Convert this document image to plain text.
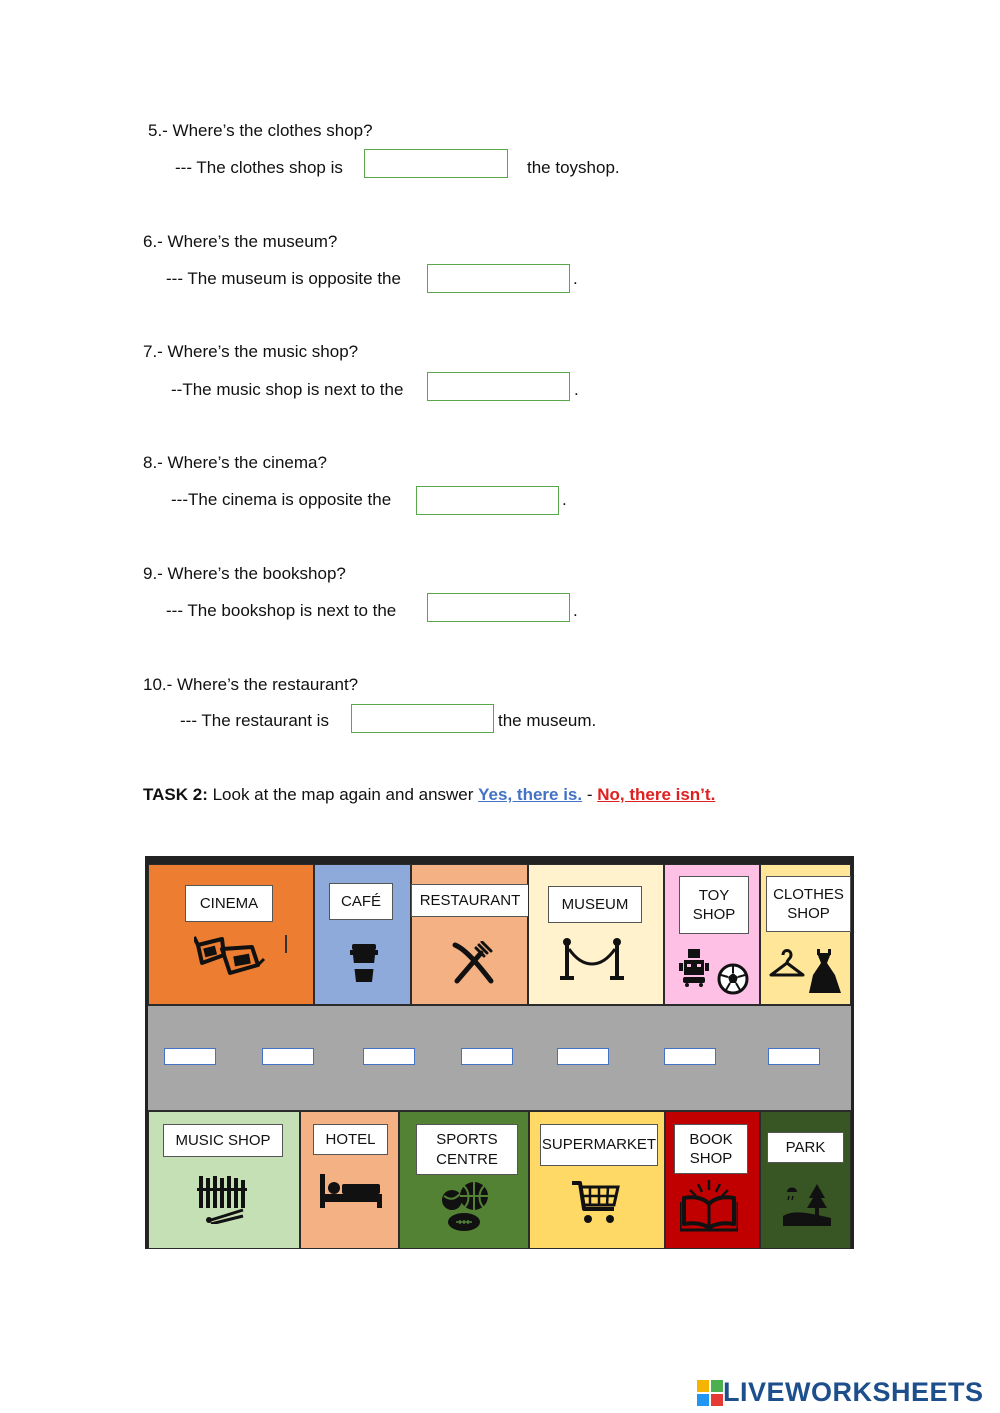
5.- Where’s the clothes shop?
--- The clothes shop is	the toyshop.
6.- Where’s the museum?
--- The museum is opposite the	.
7.- Where’s the music shop?
--The music shop is next to the	.
8.- Where’s the cinema?
---The cinema is opposite the	.
9.- Where’s the bookshop?
--- The bookshop is next to the	.
10.- Where’s the restaurant?
--- The restaurant is	the museum.
TASK 2: Look at the map again and answer Yes, there is. - No, there isn’t.
CINEMA	CAFÉ	RESTAURANT	MUSEUM
TOY
SHOP
CLOTHES
SHOP
MUSIC SHOP	HOTEL	SPORTS
CENTRE
SUPERMARKET	BOOK
SHOP
PARK
LIVEWORKSHEETS
